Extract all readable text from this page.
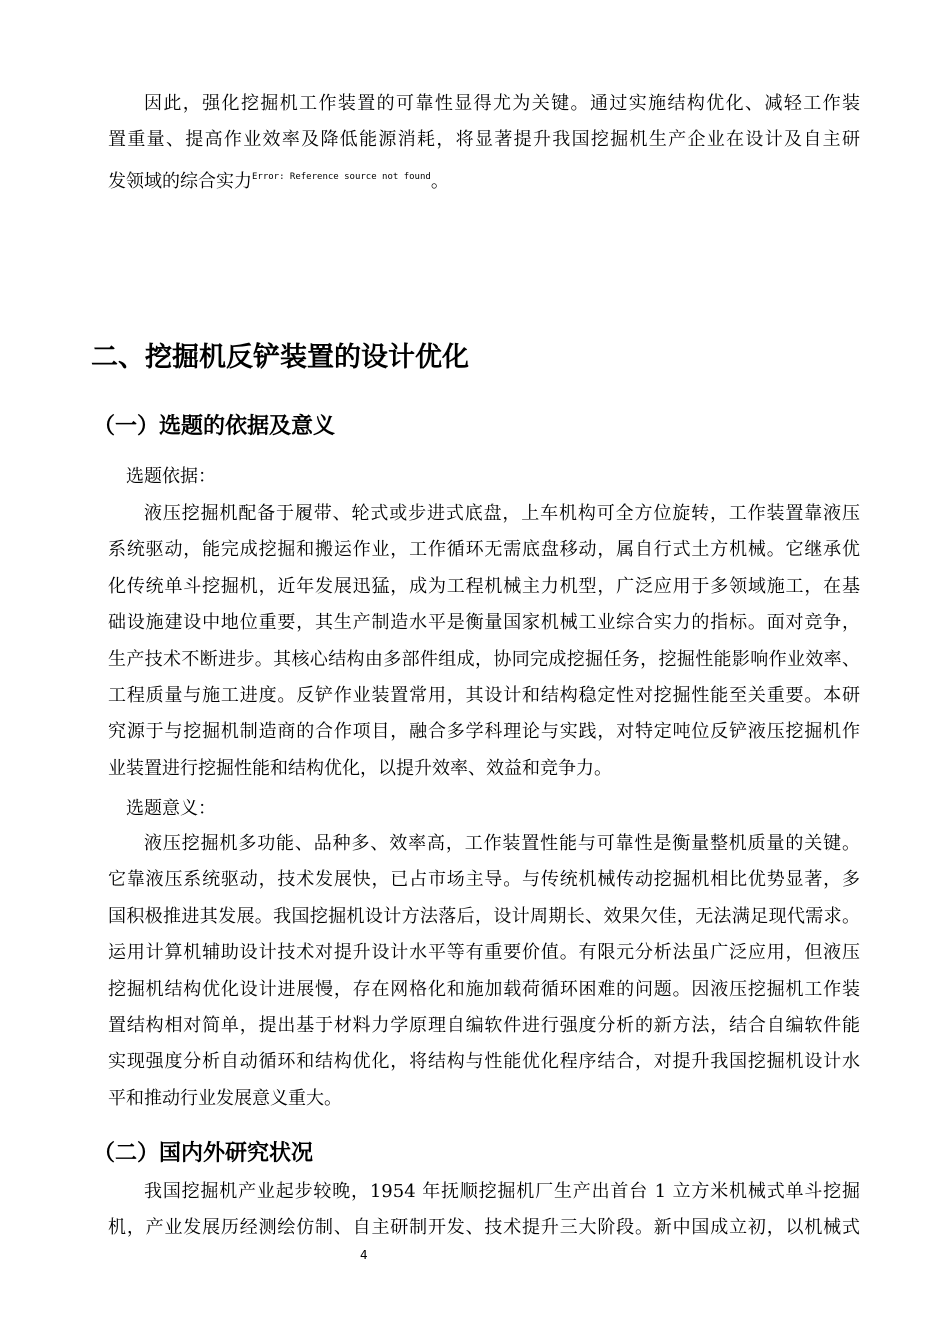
因此，强化挖掘机工作装置的可靠性显得尤为关键。通过实施结构优化、减轻工作装
置重量、提高作业效率及降低能源消耗，将显著提升我国挖掘机生产企业在设计及自主研
发领域的综合实力$^{Error: Reference source not found}$。
二、挖掘机反铲装置的设计优化
（一）选题的依据及意义

选题依据：

液压挖掘机配备于履带、轮式或步进式底盘，上车机构可全方位旋转，工作装置靠液压
系统驱动，能完成挖掘和搬运作业，工作循环无需底盘移动，属自行式土方机械。它继承优
化传统单斗挖掘机，近年发展迅猛，成为工程机械主力机型，广泛应用于多领域施工，在基
础设施建设中地位重要，其生产制造水平是衡量国家机械工业综合实力的指标。面对竞争，
生产技术不断进步。其核心结构由多部件组成，协同完成挖掘任务，挖掘性能影响作业效率、
工程质量与施工进度。反铲作业装置常用，其设计和结构稳定性对挖掘性能至关重要。本研
究源于与挖掘机制造商的合作项目，融合多学科理论与实践，对特定吨位反铲液压挖掘机作
业装置进行挖掘性能和结构优化，以提升效率、效益和竞争力。

选题意义：

液压挖掘机多功能、品种多、效率高，工作装置性能与可靠性是衡量整机质量的关键。
它靠液压系统驱动，技术发展快，已占市场主导。与传统机械传动挖掘机相比优势显著，多
国积极推进其发展。我国挖掘机设计方法落后，设计周期长、效果欠佳，无法满足现代需求。
运用计算机辅助设计技术对提升设计水平等有重要价值。有限元分析法虽广泛应用，但液压
挖掘机结构优化设计进展慢，存在网格化和施加载荷循环困难的问题。因液压挖掘机工作装
置结构相对简单，提出基于材料力学原理自编软件进行强度分析的新方法，结合自编软件能
实现强度分析自动循环和结构优化，将结构与性能优化程序结合，对提升我国挖掘机设计水
平和推动行业发展意义重大。
（二）国内外研究状况
我国挖掘机产业起步较晚，1954 年抚顺挖掘机厂生产出首台 1 立方米机械式单斗挖掘
机，产业发展历经测绘仿制、自主研制开发、技术提升三大阶段。新中国成立初，以机械式
4
